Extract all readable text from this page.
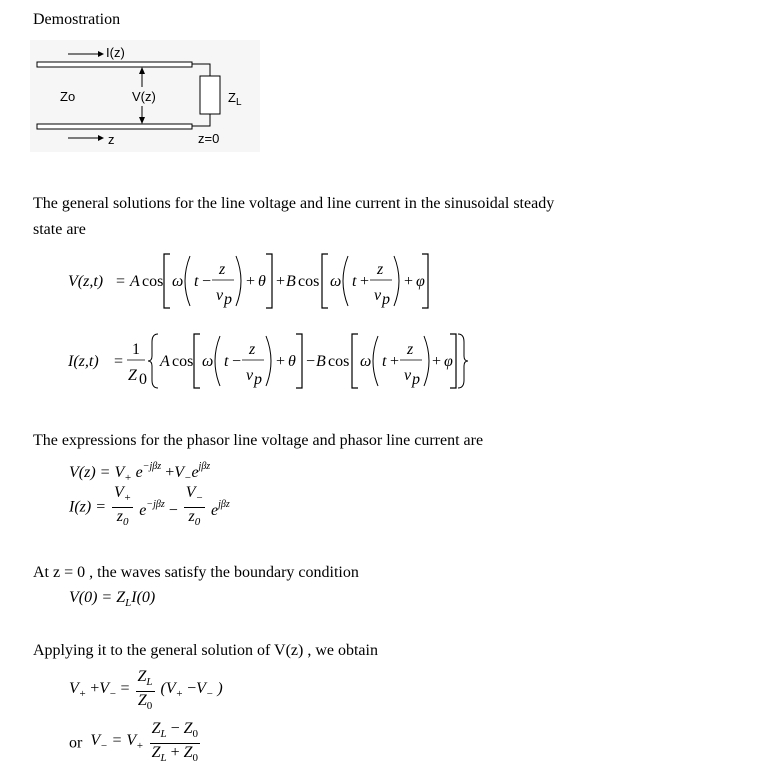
Demostration
I(z)
Zo	V(z)	$Z_L$
z	z=0
The general solutions for the line voltage and line current in the sinusoidal steady
state are
V(z,t) = A cos ω t −
z
v p
+ θ + B cos ω t +
z
v p
+ φ
I(z,t) =
1
Z 0
A cos ω t −
z
v p
+ θ − B cos ω t +
z
v p
+ φ
The expressions for the phasor line voltage and phasor line current are
$V(z) = V_+$ $e^{-j\beta z} +V_-e^{j\beta z}$
$I(z) = \frac{V_+}{z_0} e^{-j\beta z} - \frac{V_-}{z_0} e^{j\beta z}$
At z = 0 , the waves satisfy the boundary condition
$V(0) = Z_LI(0)$
Applying it to the general solution of V(z) , we obtain
$V_+ +V_- = \frac{Z_L}{Z_0} (V_+ -V_-$ )
or  $V_- = V_+ \frac{Z_L - Z_0}{Z_L + Z_0}$
